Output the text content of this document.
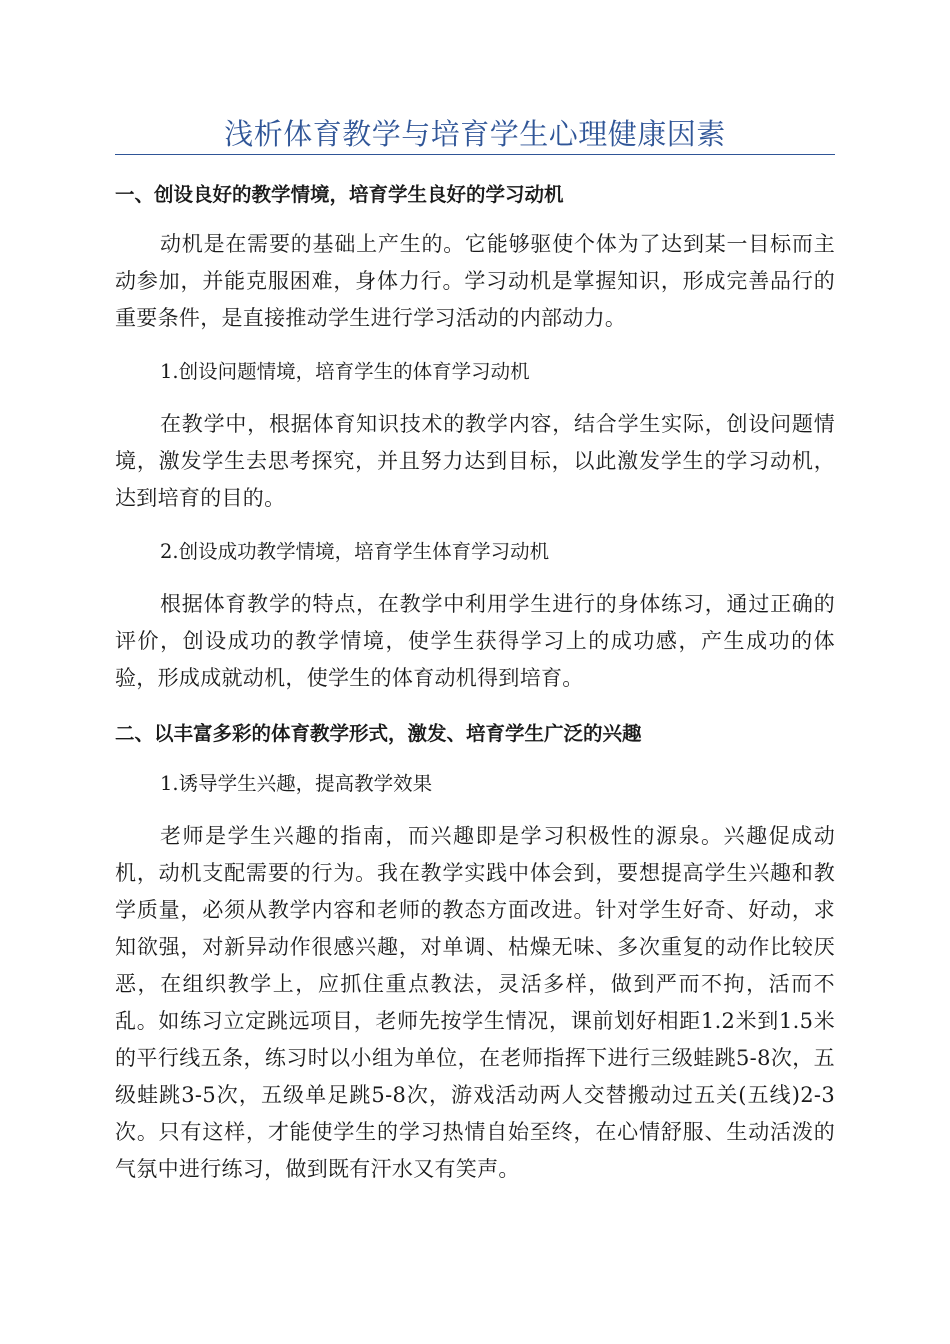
浅析体育教学与培育学生心理健康因素
一、创设良好的教学情境，培育学生良好的学习动机

动机是在需要的基础上产生的。它能够驱使个体为了达到某一目标而主动参加，并能克服困难，身体力行。学习动机是掌握知识，形成完善品行的重要条件，是直接推动学生进行学习活动的内部动力。

1.创设问题情境，培育学生的体育学习动机

在教学中，根据体育知识技术的教学内容，结合学生实际，创设问题情境，激发学生去思考探究，并且努力达到目标，以此激发学生的学习动机，达到培育的目的。

2.创设成功教学情境，培育学生体育学习动机

根据体育教学的特点，在教学中利用学生进行的身体练习，通过正确的评价，创设成功的教学情境，使学生获得学习上的成功感，产生成功的体验，形成成就动机，使学生的体育动机得到培育。

二、以丰富多彩的体育教学形式，激发、培育学生广泛的兴趣
1.诱导学生兴趣，提高教学效果

老师是学生兴趣的指南，而兴趣即是学习积极性的源泉。兴趣促成动机，动机支配需要的行为。我在教学实践中体会到，要想提高学生兴趣和教学质量，必须从教学内容和老师的教态方面改进。针对学生好奇、好动，求知欲强，对新异动作很感兴趣，对单调、枯燥无味、多次重复的动作比较厌恶，在组织教学上，应抓住重点教法，灵活多样，做到严而不拘，活而不乱。如练习立定跳远项目，老师先按学生情况，课前划好相距1.2米到1.5米的平行线五条，练习时以小组为单位，在老师指挥下进行三级蛙跳5-8次，五级蛙跳3-5次，五级单足跳5-8次，游戏活动两人交替搬动过五关(五线)2-3次。只有这样，才能使学生的学习热情自始至终，在心情舒服、生动活泼的气氛中进行练习，做到既有汗水又有笑声。
